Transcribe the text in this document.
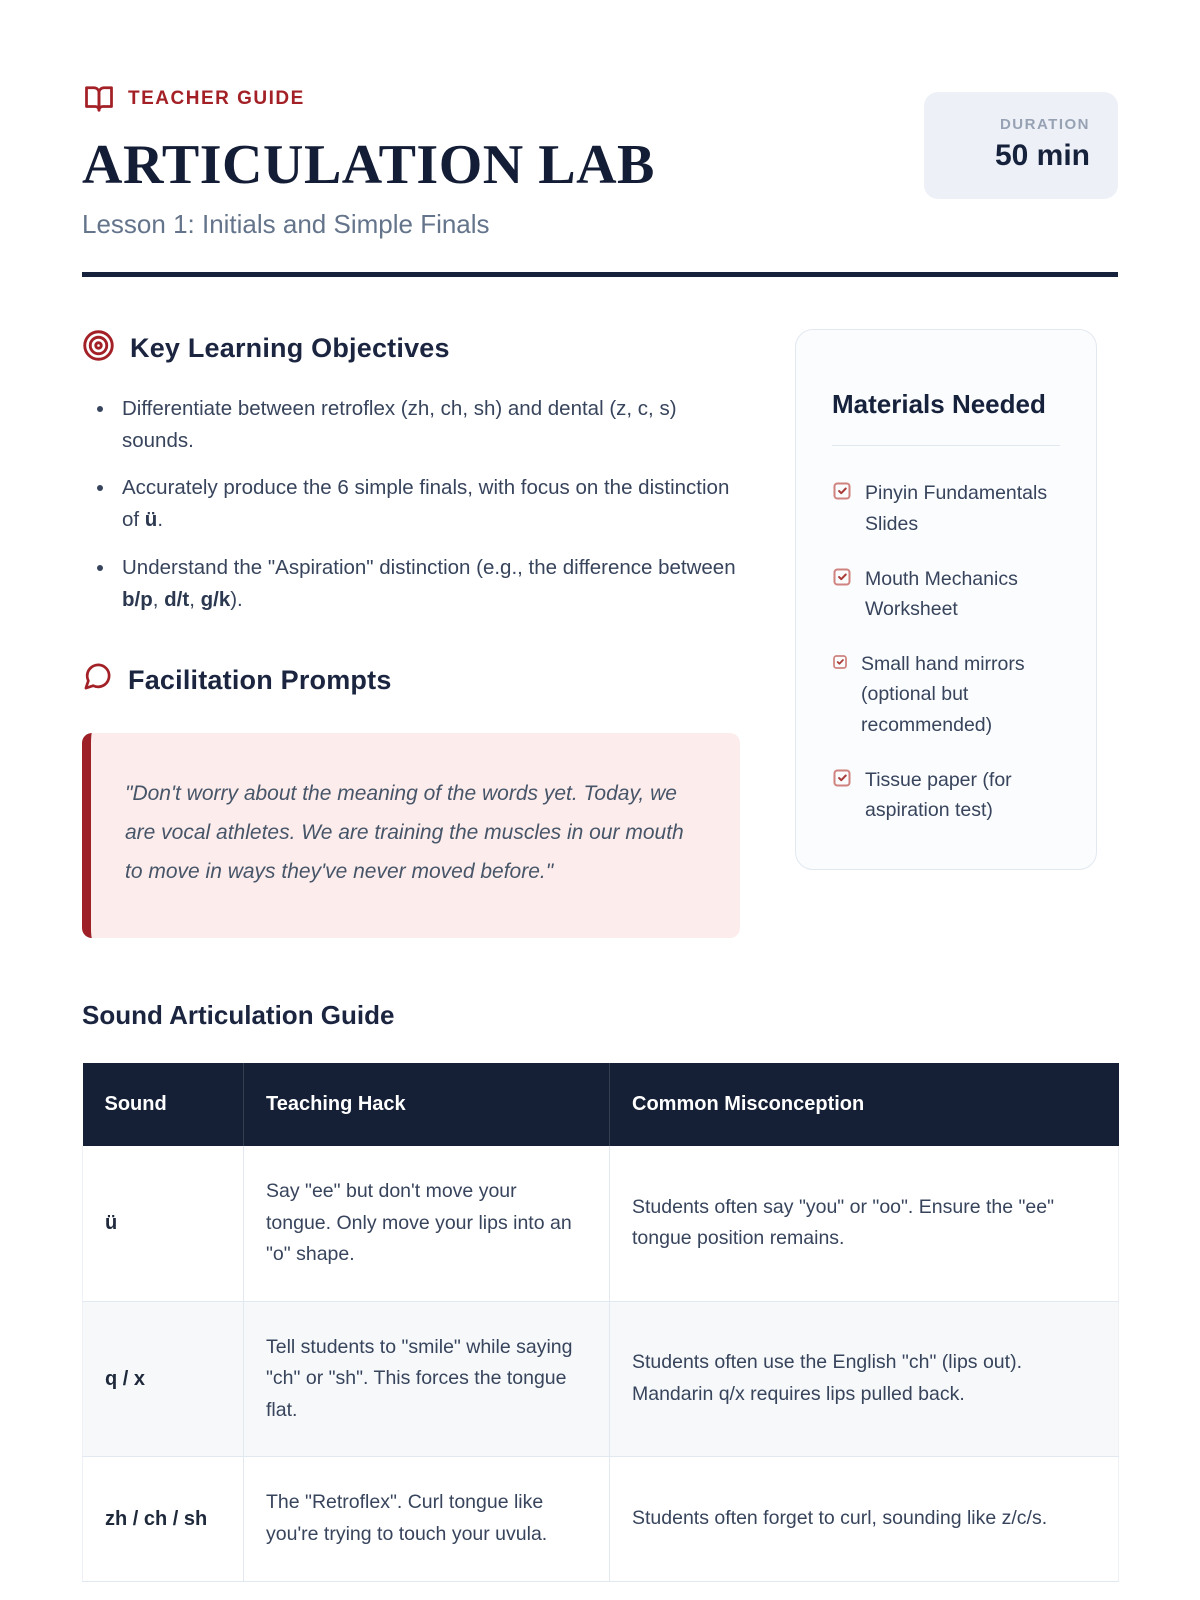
TEACHER GUIDE
ARTICULATION LAB
Lesson 1: Initials and Simple Finals
DURATION
50 min
Key Learning Objectives
• Differentiate between retroflex (zh, ch, sh) and dental (z, c, s) sounds.
• Accurately produce the 6 simple finals, with focus on the distinction of ü.
• Understand the "Aspiration" distinction (e.g., the difference between b/p, d/t, g/k).
Facilitation Prompts
"Don't worry about the meaning of the words yet. Today, we are vocal athletes. We are training the muscles in our mouth to move in ways they've never moved before."
Materials Needed
Pinyin Fundamentals Slides
Mouth Mechanics Worksheet
Small hand mirrors (optional but recommended)
Tissue paper (for aspiration test)
Sound Articulation Guide
Sound	Teaching Hack	Common Misconception
ü	Say "ee" but don't move your tongue. Only move your lips into an "o" shape.	Students often say "you" or "oo". Ensure the "ee" tongue position remains.
q / x	Tell students to "smile" while saying "ch" or "sh". This forces the tongue flat.	Students often use the English "ch" (lips out). Mandarin q/x requires lips pulled back.
zh / ch / sh	The "Retroflex". Curl tongue like you're trying to touch your uvula.	Students often forget to curl, sounding like z/c/s.
